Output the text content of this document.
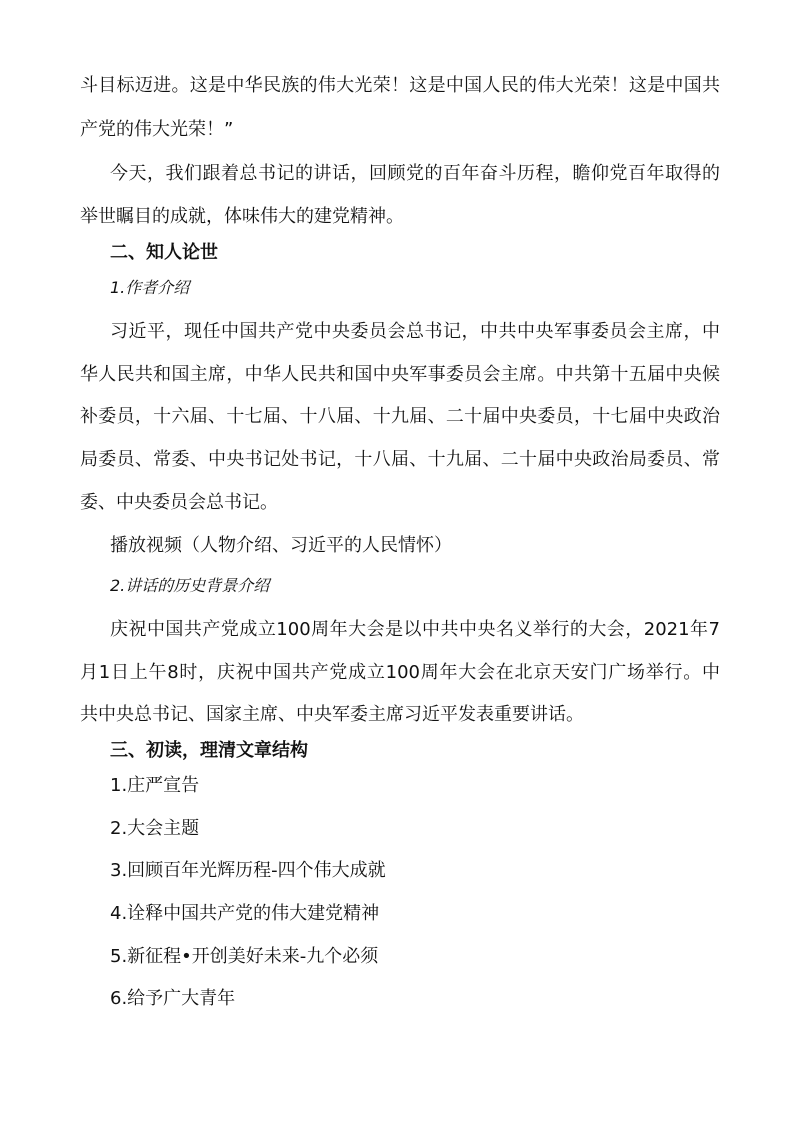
斗目标迈进。这是中华民族的伟大光荣！这是中国人民的伟大光荣！这是中国共
产党的伟大光荣！”
今天，我们跟着总书记的讲话，回顾党的百年奋斗历程，瞻仰党百年取得的
举世瞩目的成就，体味伟大的建党精神。
二、知人论世
1.作者介绍
习近平，现任中国共产党中央委员会总书记，中共中央军事委员会主席，中
华人民共和国主席，中华人民共和国中央军事委员会主席。中共第十五届中央候
补委员，十六届、十七届、十八届、十九届、二十届中央委员，十七届中央政治
局委员、常委、中央书记处书记，十八届、十九届、二十届中央政治局委员、常
委、中央委员会总书记。
播放视频（人物介绍、习近平的人民情怀）
2.讲话的历史背景介绍
庆祝中国共产党成立100周年大会是以中共中央名义举行的大会，2021年7
月1日上午8时，庆祝中国共产党成立100周年大会在北京天安门广场举行。中
共中央总书记、国家主席、中央军委主席习近平发表重要讲话。
三、初读，理清文章结构
1.庄严宣告
2.大会主题
3.回顾百年光辉历程-四个伟大成就
4.诠释中国共产党的伟大建党精神
5.新征程•开创美好未来-九个必须
6.给予广大青年
